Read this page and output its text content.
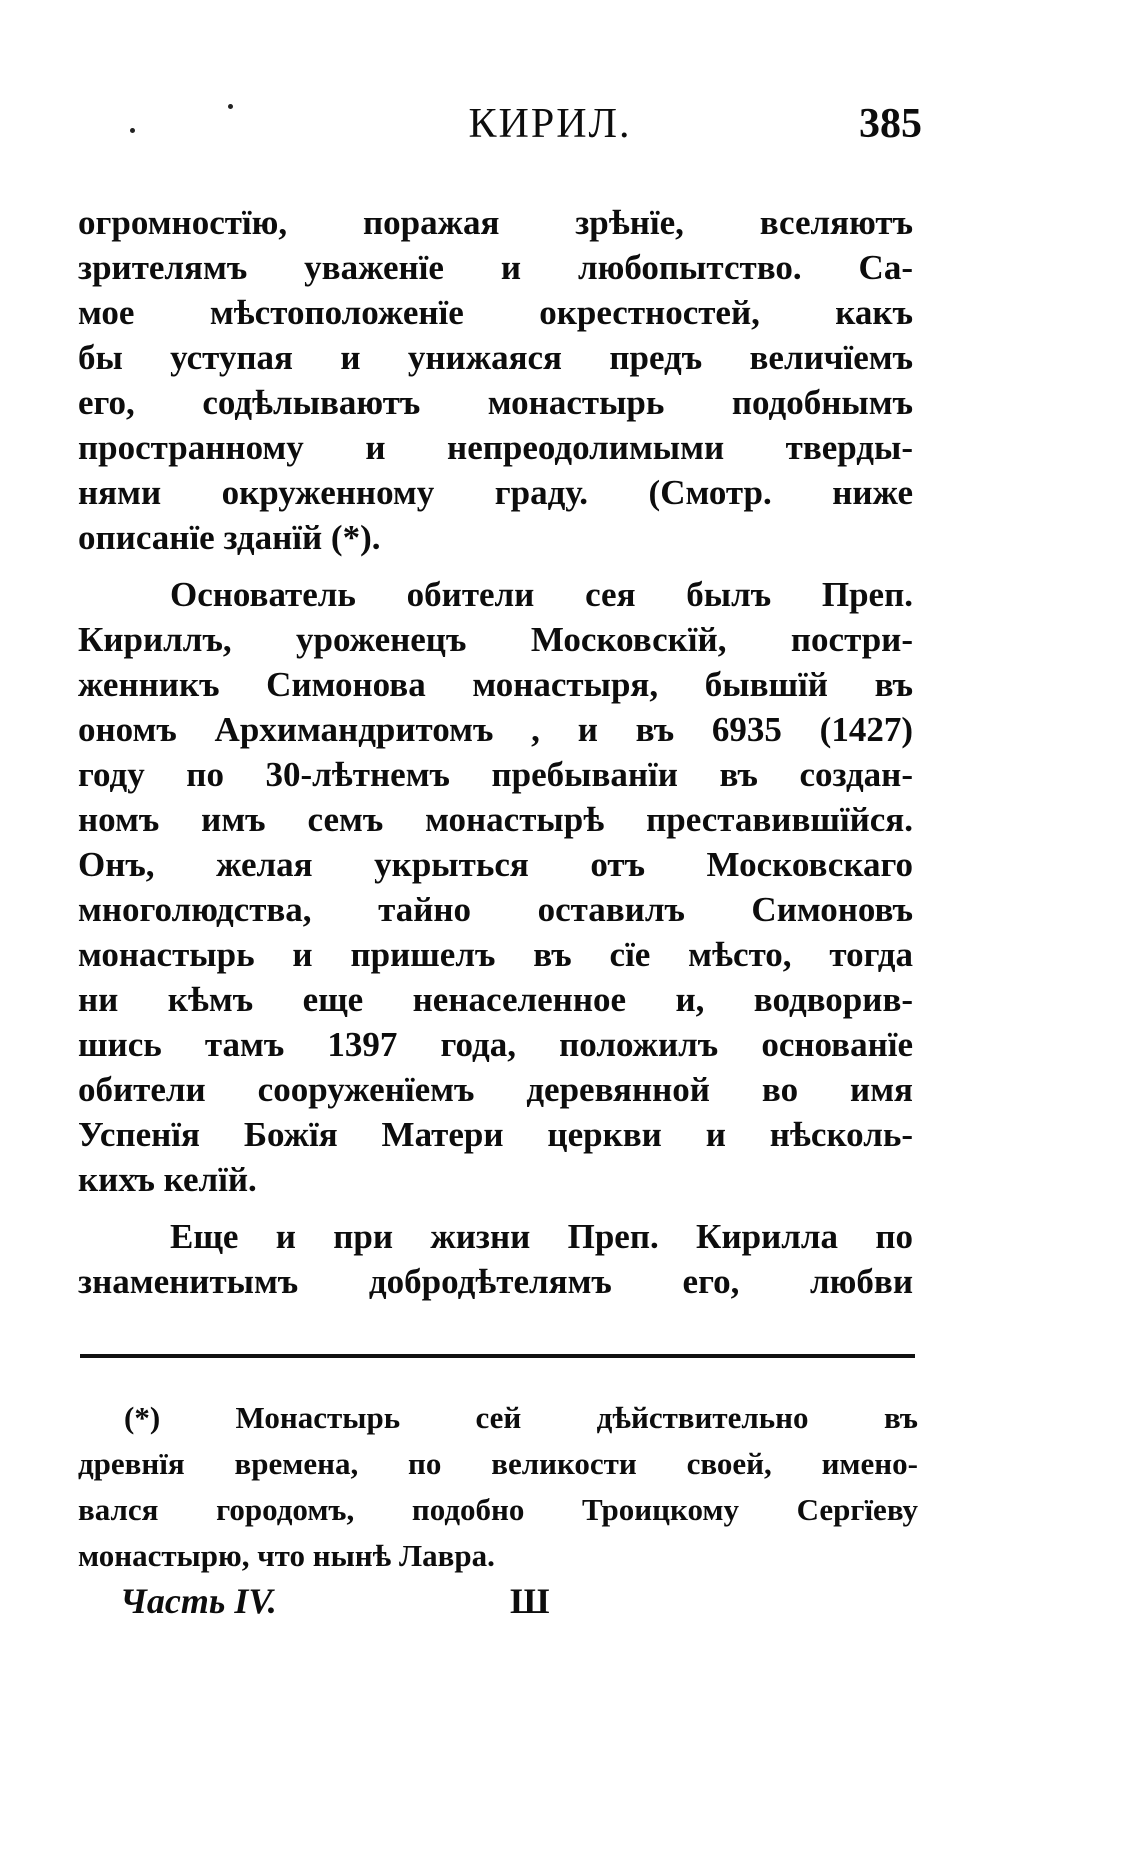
КИРИЛ.	385
огромностїю, поражая зрѣнїе, вселяютъ
зрителямъ уваженїе и любопытство. Са-
мое мѣстоположенїе окрестностей, какъ
бы уступая и унижаяся предъ величїемъ
его, содѣлываютъ монастырь подобнымъ
пространному и непреодолимыми тверды-
нями окруженному граду. (Смотр. ниже
описанїе зданїй (*).
Основатель обители сея былъ Преп.
Кириллъ, уроженецъ Московскїй, постри-
женникъ Симонова монастыря, бывшїй въ
ономъ Архимандритомъ , и въ 6935 (1427)
году по 30-лѣтнемъ пребыванїи въ создан-
номъ имъ семъ монастырѣ преставившїйся.
Онъ, желая укрыться отъ Московскаго
многолюдства, тайно оставилъ Симоновъ
монастырь и пришелъ въ сїе мѣсто, тогда
ни кѣмъ еще ненаселенное и, водворив-
шись тамъ 1397 года, положилъ основанїе
обители сооруженїемъ деревянной во имя
Успенїя Божїя Матери церкви и нѣсколь-
кихъ келїй.
Еще и при жизни Преп. Кирилла по
знаменитымъ добродѣтелямъ его, любви
(*) Монастырь сей дѣйствительно въ
древнїя времена, по великости своей, имено-
вался городомъ, подобно Троицкому Сергїеву
монастырю, что нынѣ Лавра.
Часть IV.	Ш
